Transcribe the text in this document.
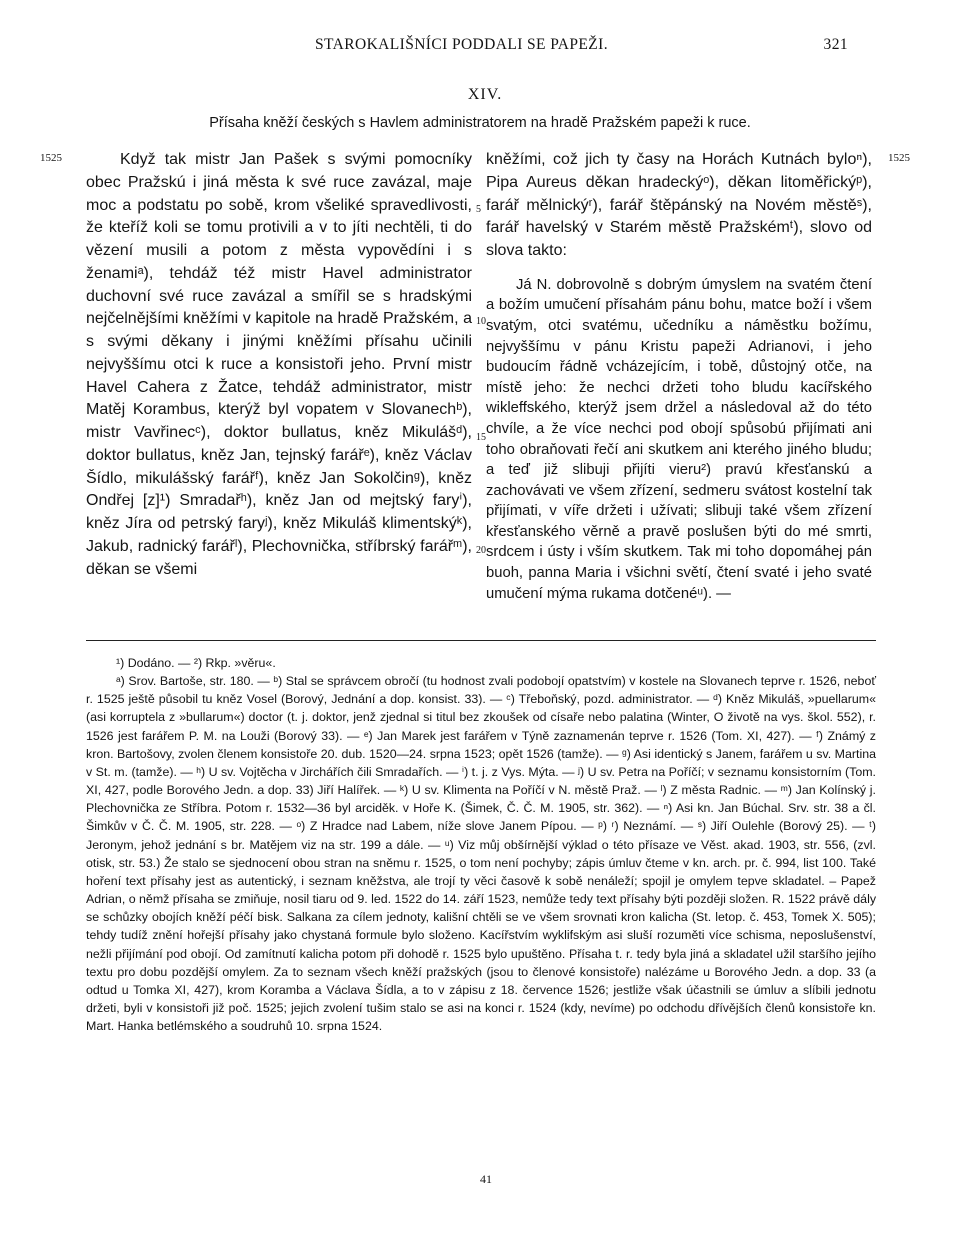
STAROKALIŠNÍCI PODDALI SE PAPEŽI.	321
XIV.
Přísaha kněží českých s Havlem administratorem na hradě Pražském papeži k ruce.
1525	1525
5
10
15
20

Když tak mistr Jan Pašek s svými pomocníky obec Pražskú i jiná města k své ruce zavázal, maje moc a podstatu po sobě, krom všeliké spravedlivosti, že kteříž koli se tomu protivili a v to jíti nechtěli, ti do vězení musili a potom z města vypovědíni i s ženamiᵃ), tehdáž též mistr Havel administrator duchovní své ruce zavázal a smířil se s hradskými nejčelnějšími kněžími v kapitole na hradě Pražském, a s svými děkany i jinými kněžími přísahu učinili nejvyššímu otci k ruce a konsistoři jeho. První mistr Havel Cahera z Žatce, tehdáž administrator, mistr Matěj Korambus, kterýž byl vopatem v Slovanechᵇ), mistr Vavřinecᶜ), doktor bullatus, kněz Mikulášᵈ), doktor bullatus, kněz Jan, tejnský farářᵉ), kněz Václav Šídlo, mikulášský farářᶠ), kněz Jan Sokolčinᵍ), kněz Ondřej [z]¹) Smradařʰ), kněz Jan od mejtský faryⁱ), kněz Jíra od petrský faryʲ), kněz Mikuláš klimentskýᵏ), Jakub, radnický farářˡ), Plechovnička, stříbrský farářᵐ), děkan se všemi

kněžími, což jich ty časy na Horách Kutnách byloⁿ), Pipa Aureus děkan hradeckýᵒ), děkan litoměřickýᵖ), farář mělnickýʳ), farář štěpánský na Novém městěˢ), farář havelský v Starém městě Pražskémᵗ), slovo od slova takto:

Já N. dobrovolně s dobrým úmyslem na svatém čtení a božím umučení přísahám pánu bohu, matce boží i všem svatým, otci svatému, učedníku a náměstku božímu, nejvyššímu v pánu Kristu papeži Adrianovi, i jeho budoucím řádně vcházejícím, i tobě, důstojný otče, na místě jeho: že nechci držeti toho bludu kacířského wikleffského, kterýž jsem držel a následoval až do této chvíle, a že více nechci pod obojí spůsobú přijímati ani toho obraňovati řečí ani skutkem ani kterého jiného bludu; a teď již slibuji přijíti vieru²) pravú křesťanskú a zachovávati ve všem zřízení, sedmeru svátost kostelní tak přijímati, v víře držeti i užívati; slibuji také všem zřízení křesťanského věrně a pravě poslušen býti do mé smrti, srdcem i ústy i vším skutkem. Tak mi toho dopomáhej pán buoh, panna Maria i všichni světí, čtení svaté i jeho svaté umučení mýma rukama dotčenéᵘ). —

¹) Dodáno. — ²) Rkp. »věru«.

ᵃ) Srov. Bartoše, str. 180. — ᵇ) Stal se správcem obročí (tu hodnost zvali podobojí opatstvím) v kostele na Slovanech teprve r. 1526, neboť r. 1525 ještě působil tu kněz Vosel (Borový, Jednání a dop. konsist. 33). — ᶜ) Třeboňský, pozd. administrator. — ᵈ) Kněz Mikuláš, »puellarum« (asi korruptela z »bullarum«) doctor (t. j. doktor, jenž zjednal si titul bez zkoušek od císaře nebo palatina (Winter, O životě na vys. škol. 552), r. 1526 jest farářem P. M. na Louži (Borový 33). — ᵉ) Jan Marek jest farářem v Týně zaznamenán teprve r. 1526 (Tom. XI, 427). — ᶠ) Známý z kron. Bartošovy, zvolen členem konsistoře 20. dub. 1520—24. srpna 1523; opět 1526 (tamže). — ᵍ) Asi identický s Janem, farářem u sv. Martina v St. m. (tamže). — ʰ) U sv. Vojtěcha v Jirchářích čili Smradařích. — ⁱ) t. j. z Vys. Mýta. — ʲ) U sv. Petra na Poříčí; v seznamu konsistorním (Tom. XI, 427, podle Borového Jedn. a dop. 33) Jiří Halířek. — ᵏ) U sv. Klimenta na Poříčí v N. městě Praž. — ˡ) Z města Radnic. — ᵐ) Jan Kolínský j. Plechovnička ze Stříbra. Potom r. 1532—36 byl arciděk. v Hoře K. (Šimek, Č. Č. M. 1905, str. 362). — ⁿ) Asi kn. Jan Búchal. Srv. str. 38 a čl. Šimkův v Č. Č. M. 1905, str. 228. — ᵒ) Z Hradce nad Labem, níže slove Janem Pípou. — ᵖ) ʳ) Neznámí. — ˢ) Jiří Oulehle (Borový 25). — ᵗ) Jeronym, jehož jednání s br. Matějem viz na str. 199 a dále. — ᵘ) Viz můj obšírnější výklad o této přísaze ve Věst. akad. 1903, str. 556, (zvl. otisk, str. 53.) Že stalo se sjednocení obou stran na sněmu r. 1525, o tom není pochyby; zápis úmluv čteme v kn. arch. pr. č. 994, list 100. Také hoření text přísahy jest as autentický, i seznam kněžstva, ale trojí ty věci časově k sobě nenáleží; spojil je omylem tepve skladatel. – Papež Adrian, o němž přísaha se zmiňuje, nosil tiaru od 9. led. 1522 do 14. září 1523, nemůže tedy text přísahy býti později složen. R. 1522 právě dály se schůzky obojích kněží péčí bisk. Salkana za cílem jednoty, kališní chtěli se ve všem srovnati kron kalicha (St. letop. č. 453, Tomek X. 505); tehdy tudíž znění hořejší přísahy jako chystaná formule bylo složeno. Kacířstvím wyklifským asi sluší rozuměti více schisma, neposlušenství, nežli přijímání pod obojí. Od zamítnutí kalicha potom při dohodě r. 1525 bylo upuštěno. Přísaha t. r. tedy byla jiná a skladatel užil staršího jejího textu pro dobu pozdější omylem. Za to seznam všech kněží pražských (jsou to členové konsistoře) nalézáme u Borového Jedn. a dop. 33 (a odtud u Tomka XI, 427), krom Koramba a Václava Šídla, a to v zápisu z 18. července 1526; jestliže však účastnili se úmluv a slíbili jednotu držeti, byli v konsistoři již poč. 1525; jejich zvolení tušim stalo se asi na konci r. 1524 (kdy, nevíme) po odchodu dřívějších členů konsistoře kn. Mart. Hanka betlémského a soudruhů 10. srpna 1524.

41
